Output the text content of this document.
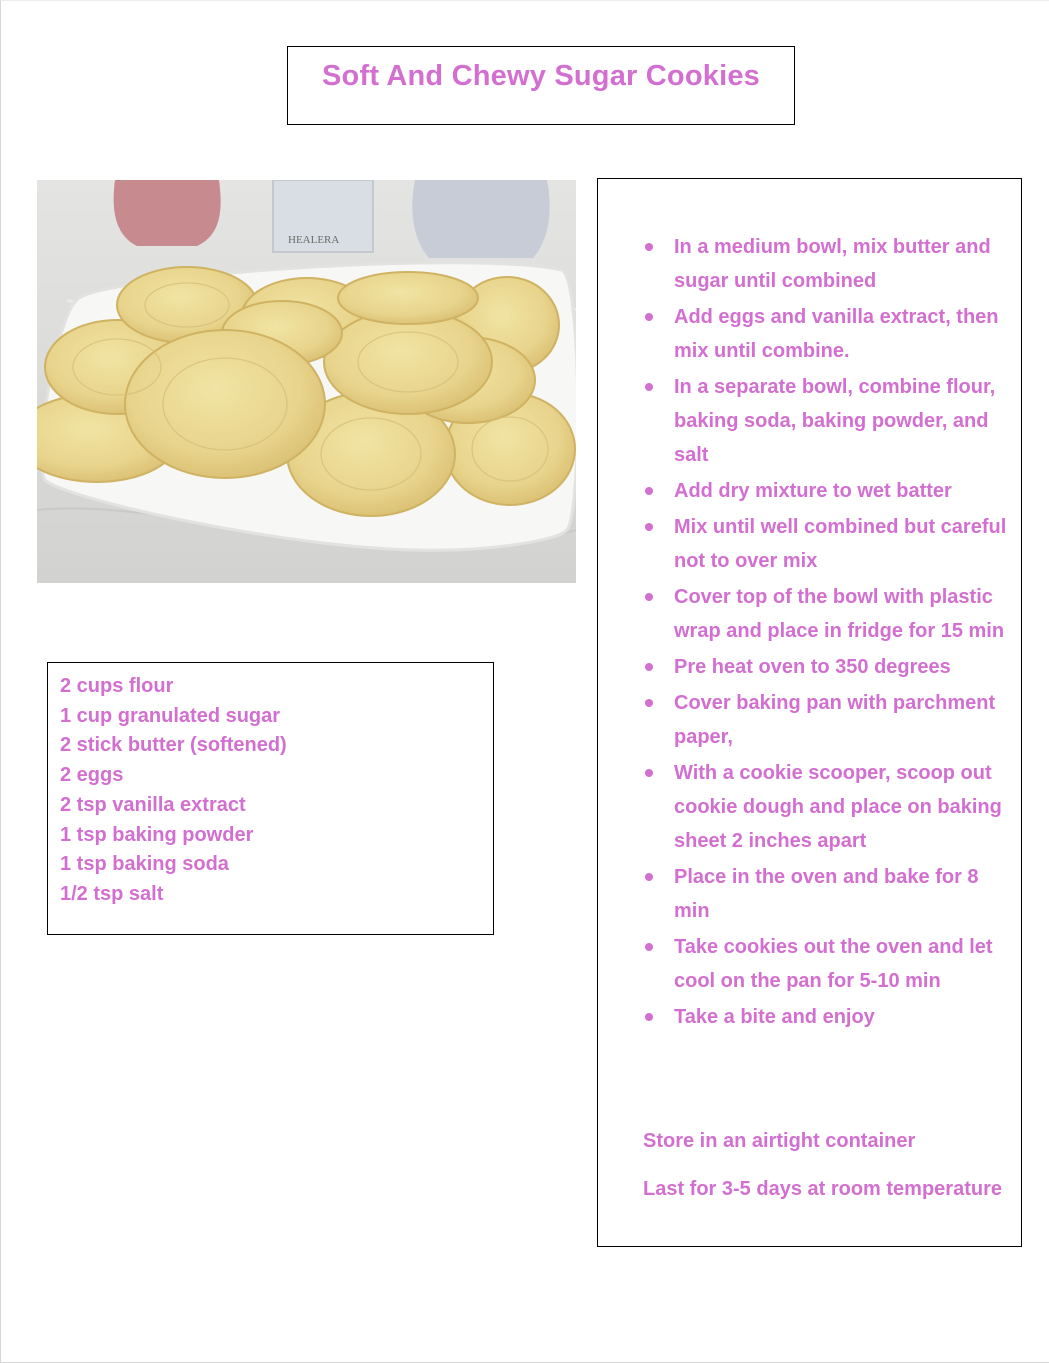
Soft And Chewy Sugar Cookies
HEALERA
2 cups flour
1 cup granulated sugar
2 stick butter (softened)
2 eggs
2 tsp vanilla extract
1 tsp baking powder
1 tsp baking soda
1/2 tsp salt
In a medium bowl, mix butter and sugar until combined
Add eggs and vanilla extract, then mix until combine.
In a separate bowl, combine flour, baking soda, baking powder, and salt
Add dry mixture to wet batter
Mix until well combined but careful not to over mix
Cover top of the bowl with plastic wrap and place in fridge for 15 min
Pre heat oven to 350 degrees
Cover baking pan with parchment paper,
With a cookie scooper, scoop out cookie dough and place on baking sheet 2 inches apart
Place in the oven and bake for 8 min
Take cookies out the oven and let cool on the pan for 5-10 min
Take a bite and enjoy

Store in an airtight container

Last for 3-5 days at room temperature
